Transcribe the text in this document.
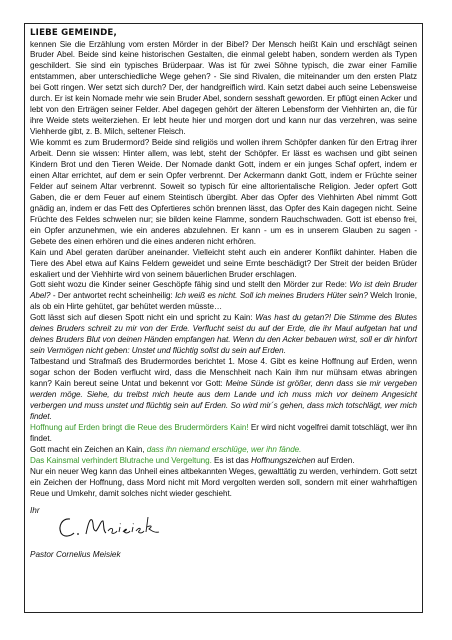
LIEBE GEMEINDE,

kennen Sie die Erzählung vom ersten Mörder in der Bibel? Der Mensch heißt Kain und erschlägt seinen Bruder Abel. Beide sind keine historischen Gestalten, die einmal gelebt haben, sondern werden als Typen geschildert. Sie sind ein typisches Brüderpaar. Was ist für zwei Söhne typisch, die zwar einer Familie entstammen, aber unterschiedliche Wege gehen? - Sie sind Rivalen, die miteinander um den ersten Platz bei Gott ringen. Wer setzt sich durch? Der, der handgreiflich wird. Kain setzt dabei auch seine Lebensweise durch. Er ist kein Nomade mehr wie sein Bruder Abel, sondern sesshaft geworden. Er pflügt einen Acker und lebt von den Erträgen seiner Felder. Abel dagegen gehört der älteren Lebensform der Viehhirten an, die für ihre Weide stets weiterziehen. Er lebt heute hier und morgen dort und kann nur das verzehren, was seine Viehherde gibt, z. B. Milch, seltener Fleisch.

Wie kommt es zum Brudermord? Beide sind religiös und wollen ihrem Schöpfer danken für den Ertrag ihrer Arbeit. Denn sie wissen: Hinter allem, was lebt, steht der Schöpfer. Er lässt es wachsen und gibt seinen Kindern Brot und den Tieren Weide. Der Nomade dankt Gott, indem er ein junges Schaf opfert, indem er einen Altar errichtet, auf dem er sein Opfer verbrennt. Der Ackermann dankt Gott, indem er Früchte seiner Felder auf seinem Altar verbrennt. Soweit so typisch für eine alltorientalische Religion. Jeder opfert Gott Gaben, die er dem Feuer auf einem Steintisch übergibt. Aber das Opfer des Viehhirten Abel nimmt Gott gnädig an, indem er das Fett des Opfertieres schön brennen lässt, das Opfer des Kain dagegen nicht. Seine Früchte des Feldes schwelen nur; sie bilden keine Flamme, sondern Rauchschwaden. Gott ist ebenso frei, ein Opfer anzunehmen, wie ein anderes abzulehnen. Er kann - um es in unserem Glauben zu sagen - Gebete des einen erhören und die eines anderen nicht erhören.

Kain und Abel geraten darüber aneinander. Vielleicht steht auch ein anderer Konflikt dahinter. Haben die Tiere des Abel etwa auf Kains Feldern geweidet und seine Ernte beschädigt? Der Streit der beiden Brüder eskaliert und der Viehhirte wird von seinem bäuerlichen Bruder erschlagen.

Gott sieht wozu die Kinder seiner Geschöpfe fähig sind und stellt den Mörder zur Rede: Wo ist dein Bruder Abel? - Der antwortet recht scheinheilig: Ich weiß es nicht. Soll ich meines Bruders Hüter sein? Welch Ironie, als ob ein Hirte gehütet, gar behütet werden müsste…

Gott lässt sich auf diesen Spott nicht ein und spricht zu Kain: Was hast du getan?! Die Stimme des Blutes deines Bruders schreit zu mir von der Erde. Verflucht seist du auf der Erde, die ihr Maul aufgetan hat und deines Bruders Blut von deinen Händen empfangen hat. Wenn du den Acker bebauen wirst, soll er dir hinfort sein Vermögen nicht geben: Unstet und flüchtig sollst du sein auf Erden.

Tatbestand und Strafmaß des Brudermordes berichtet 1. Mose 4. Gibt es keine Hoffnung auf Erden, wenn sogar schon der Boden verflucht wird, dass die Menschheit nach Kain ihm nur mühsam etwas abringen kann? Kain bereut seine Untat und bekennt vor Gott: Meine Sünde ist größer, denn dass sie mir vergeben werden möge. Siehe, du treibst mich heute aus dem Lande und ich muss mich vor deinem Angesicht verbergen und muss unstet und flüchtig sein auf Erden. So wird mir´s gehen, dass mich totschlägt, wer mich findet.

Hoffnung auf Erden bringt die Reue des Brudermörders Kain! Er wird nicht vogelfrei damit totschlägt, wer ihn findet.

Gott macht ein Zeichen an Kain, dass ihn niemand erschlüge, wer ihn fände.

Das Kainsmal verhindert Blutrache und Vergeltung. Es ist das Hoffnungszeichen auf Erden.

Nur ein neuer Weg kann das Unheil eines altbekannten Weges, gewalttätig zu werden, verhindern. Gott setzt ein Zeichen der Hoffnung, dass Mord nicht mit Mord vergolten werden soll, sondern mit einer wahrhaftigen Reue und Umkehr, damit solches nicht wieder geschieht.

Ihr
Pastor Cornelius Meisiek
